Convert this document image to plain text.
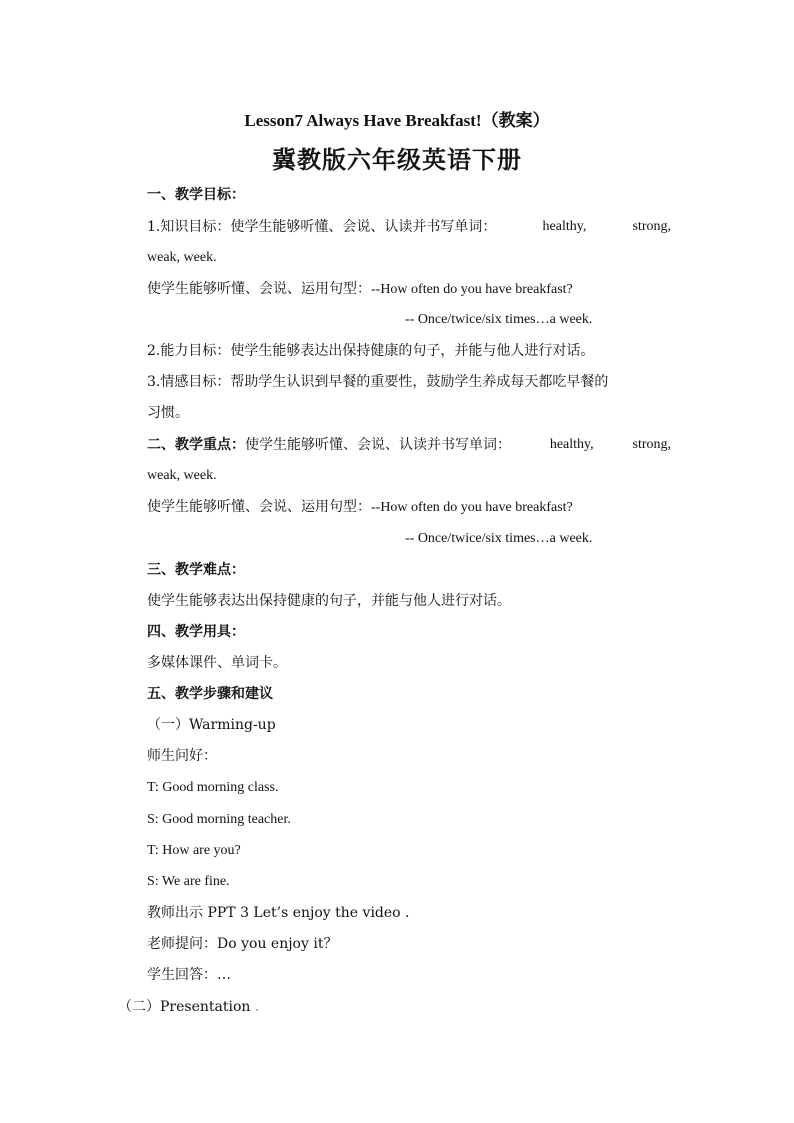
Lesson7 Always Have Breakfast!（教案）
冀教版六年级英语下册
一、教学目标：
1.知识目标：使学生能够听懂、会说、认读并书写单词：	healthy,	strong,
weak, week.
使学生能够听懂、会说、运用句型：--How often do you have breakfast?
-- Once/twice/six times…a week.
2.能力目标：使学生能够表达出保持健康的句子，并能与他人进行对话。
3.情感目标：帮助学生认识到早餐的重要性，鼓励学生养成每天都吃早餐的
习惯。
二、教学重点：使学生能够听懂、会说、认读并书写单词：	healthy,	strong,
weak, week.
使学生能够听懂、会说、运用句型：--How often do you have breakfast?
-- Once/twice/six times…a week.
三、教学难点：
使学生能够表达出保持健康的句子，并能与他人进行对话。
四、教学用具：
多媒体课件、单词卡。
五、教学步骤和建议
（一）Warming-up
师生问好：
T: Good morning class.
S: Good morning teacher.
T: How are you?
S: We are fine.
教师出示 PPT 3 Let’s enjoy the video .
老师提问：Do you enjoy it？
学生回答：…
（二）Presentation .
